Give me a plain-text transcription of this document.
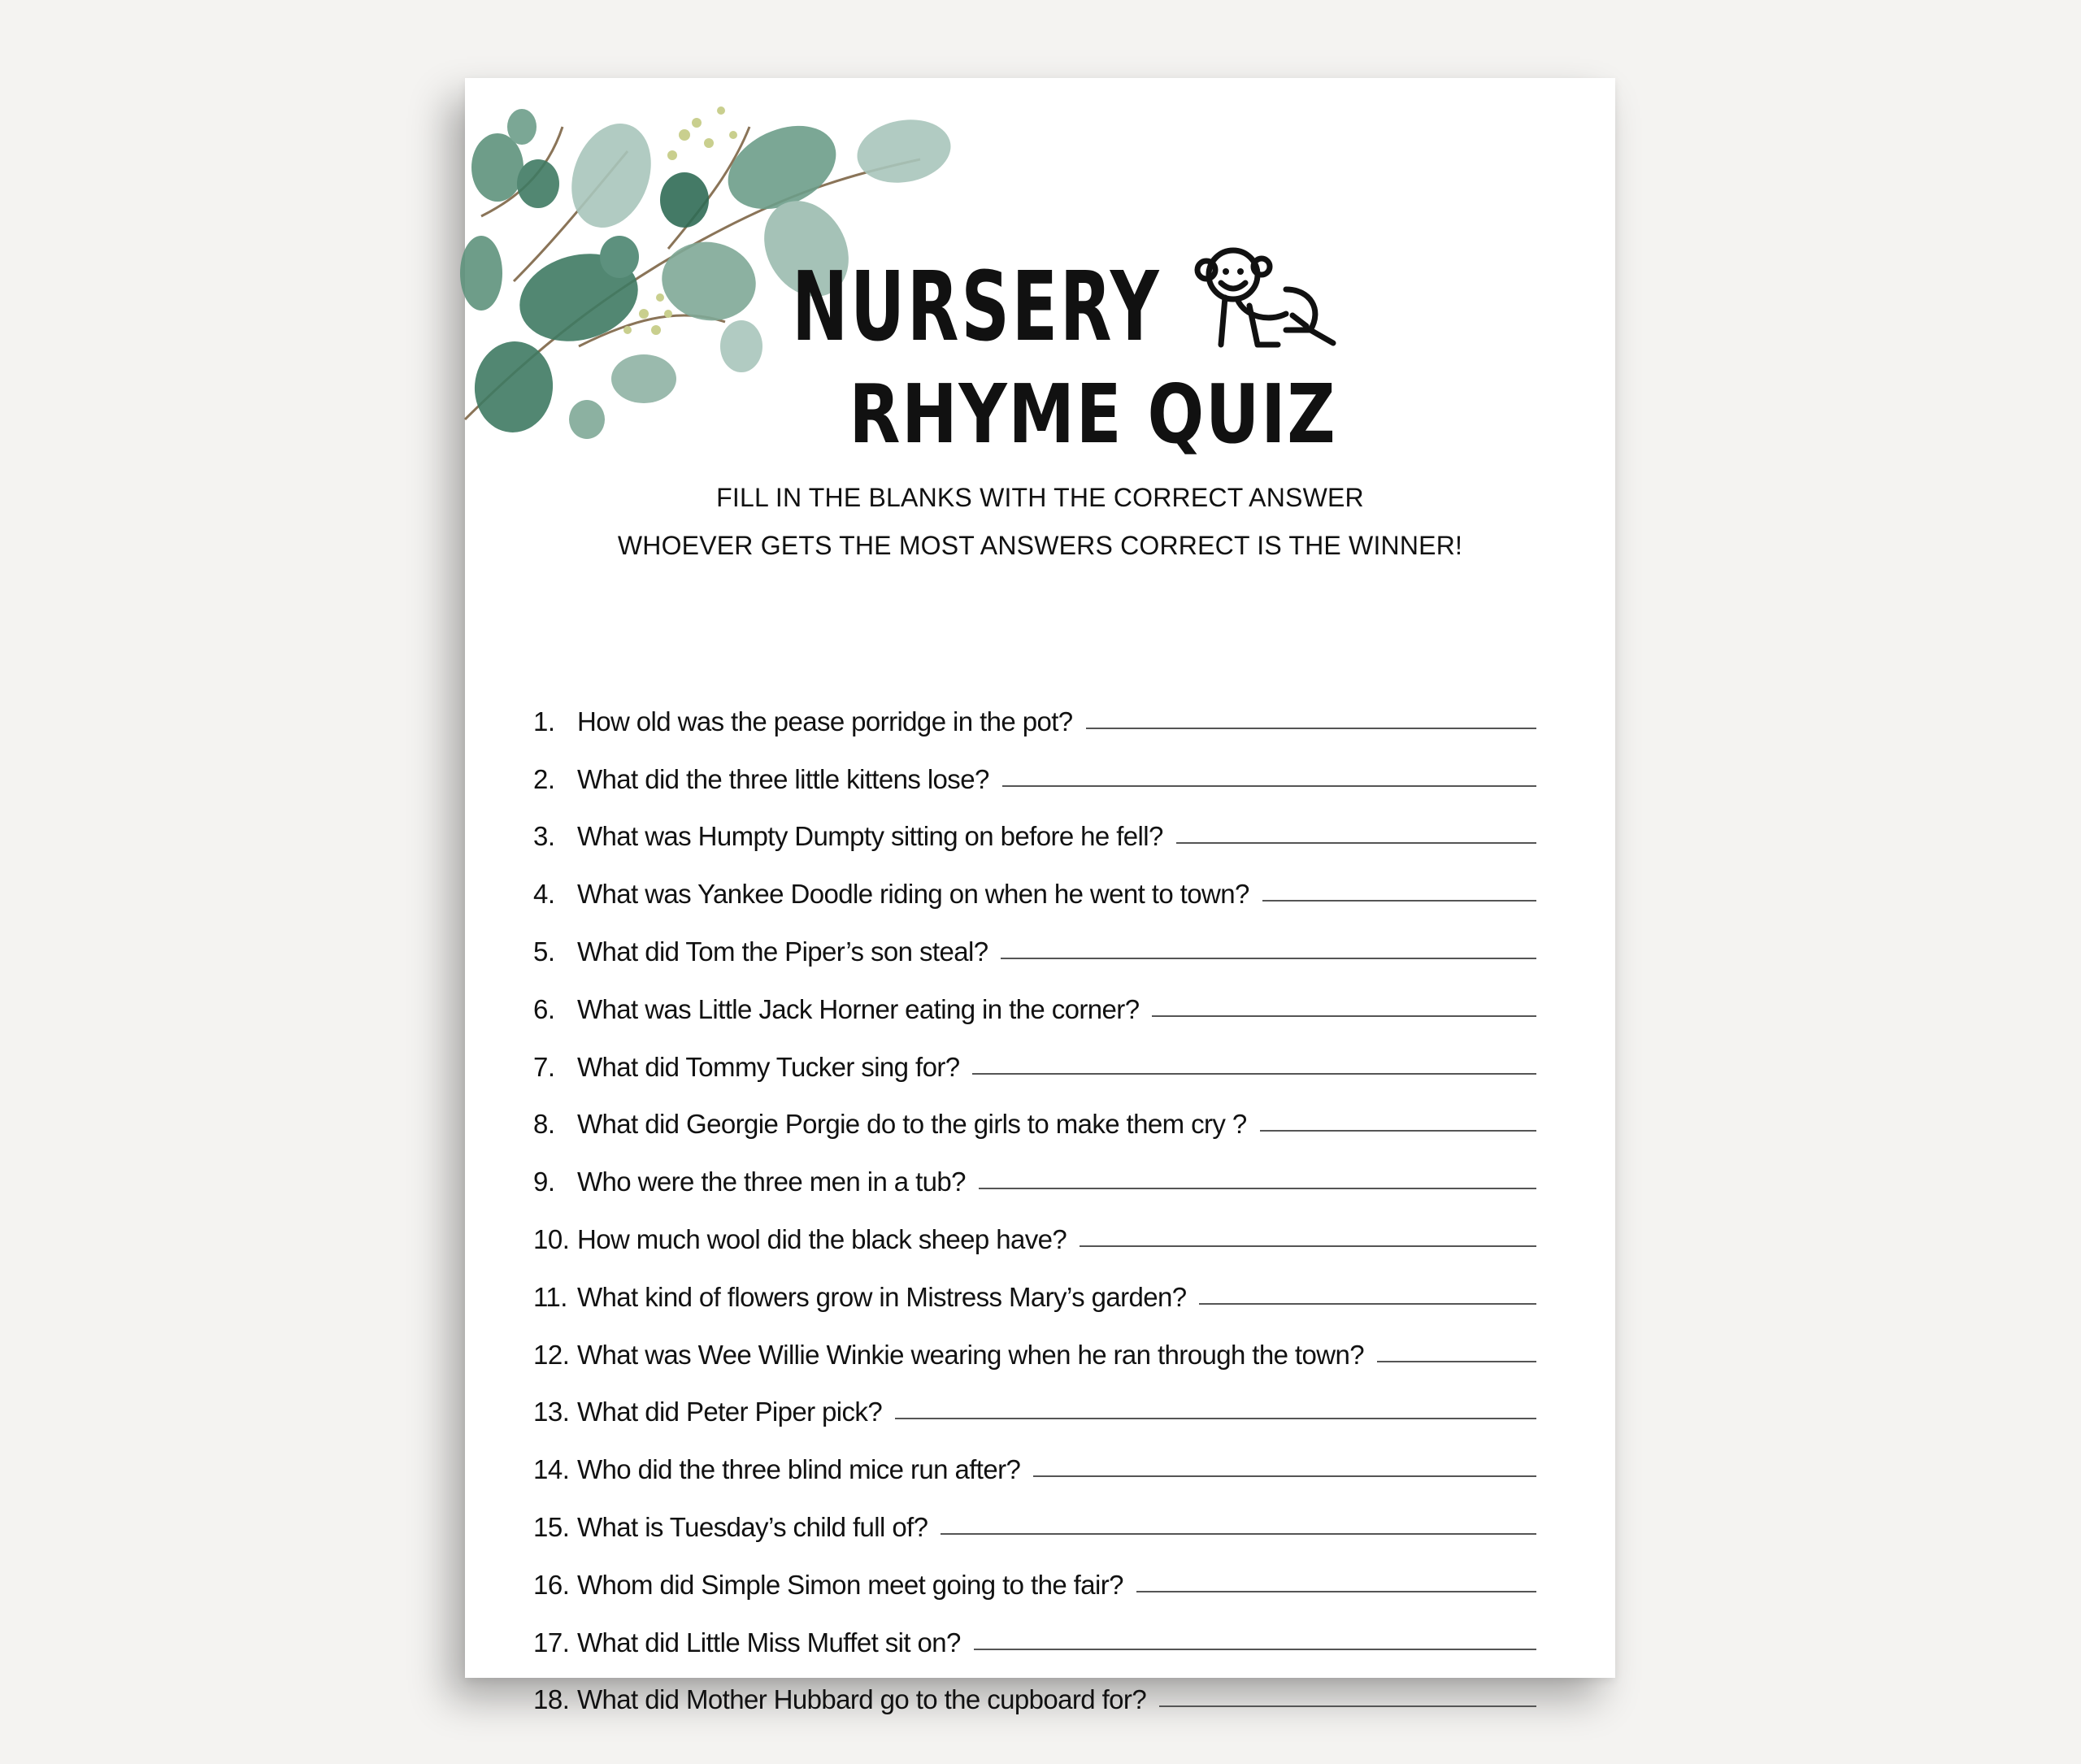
NURSERY
RHYME QUIZ
FILL IN THE BLANKS WITH THE CORRECT ANSWER
WHOEVER GETS THE MOST ANSWERS CORRECT IS THE WINNER!
1. How old was the pease porridge in the pot?
2. What did the three little kittens lose?
3. What was Humpty Dumpty sitting on before he fell?
4. What was Yankee Doodle riding on when he went to town?
5. What did Tom the Piper’s son steal?
6. What was Little Jack Horner eating in the corner?
7. What did Tommy Tucker sing for?
8. What did Georgie Porgie do to the girls to make them cry ?
9. Who were the three men in a tub?
10. How much wool did the black sheep have?
11. What kind of flowers grow in Mistress Mary’s garden?
12. What was Wee Willie Winkie wearing when he ran through the town?
13. What did Peter Piper pick?
14. Who did the three blind mice run after?
15. What is Tuesday’s child full of?
16. Whom did Simple Simon meet going to the fair?
17. What did Little Miss Muffet sit on?
18. What did Mother Hubbard go to the cupboard for?
